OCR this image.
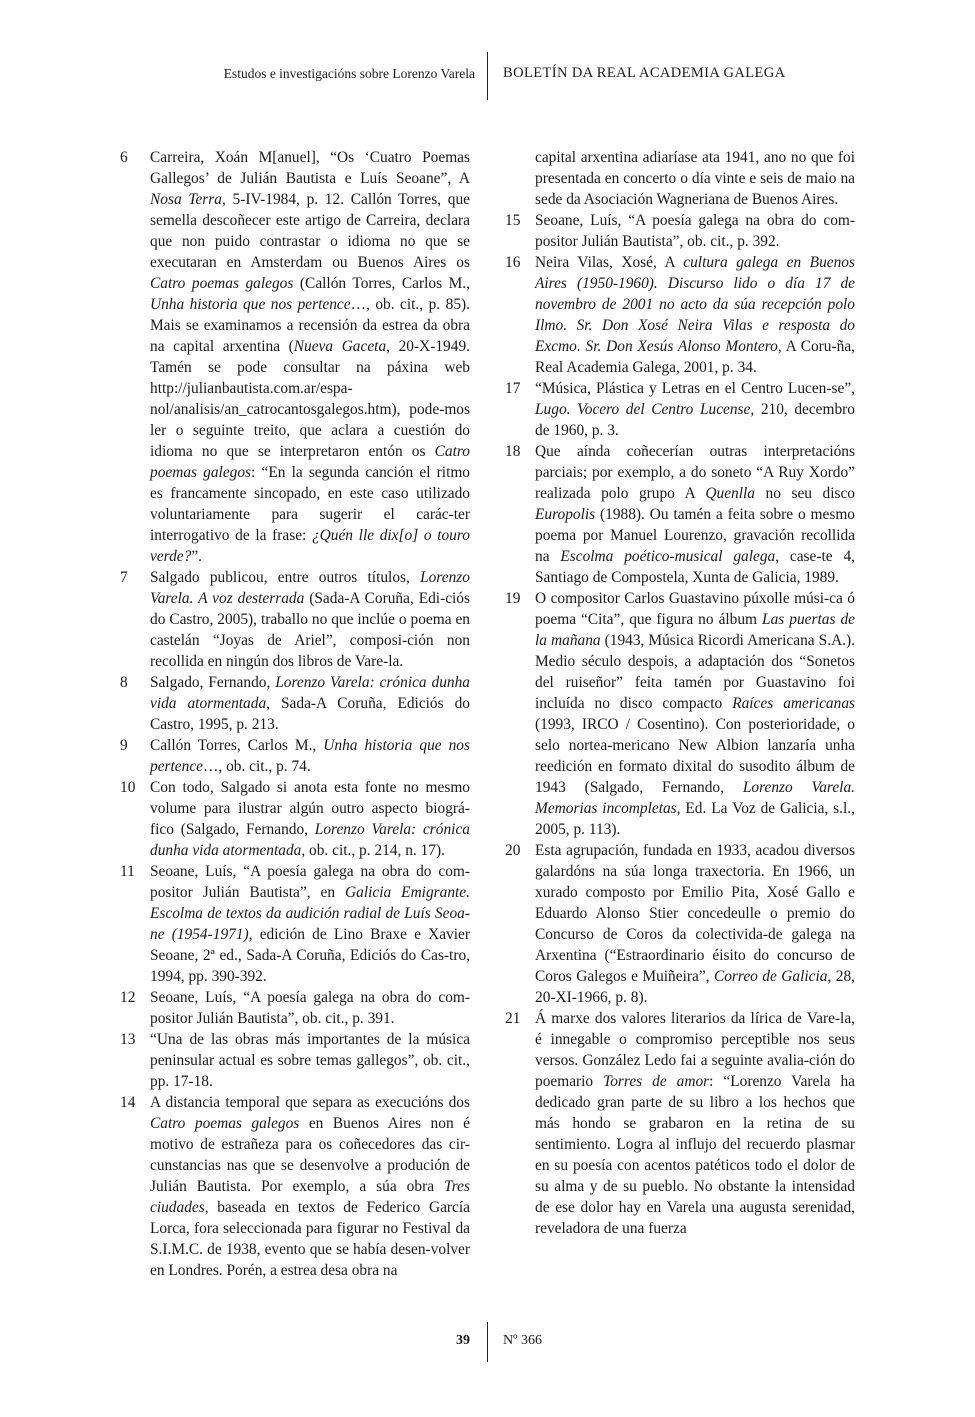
Estudos e investigacións sobre Lorenzo Varela BOLETÍN DA REAL ACADEMIA GALEGA
6 Carreira, Xoán M[anuel], “Os ‘Cuatro Poemas Gallegos’ de Julián Bautista e Luís Seoane”, A Nosa Terra, 5-IV-1984, p. 12. Callón Torres, que semella descoñecer este artigo de Carreira, declara que non puido contrastar o idioma no que se executaran en Amsterdam ou Buenos Aires os Catro poemas galegos (Callón Torres, Carlos M., Unha historia que nos pertence…, ob. cit., p. 85). Mais se examinamos a recensión da estrea da obra na capital arxentina (Nueva Gaceta, 20-X-1949. Tamén se pode consultar na páxina web http://julianbautista.com.ar/espa-nol/analisis/an_catrocantosgalegos.htm), pode-mos ler o seguinte treito, que aclara a cuestión do idioma no que se interpretaron entón os Catro poemas galegos: “En la segunda canción el ritmo es francamente sincopado, en este caso utilizado voluntariamente para sugerir el carác-ter interrogativo de la frase: ¿Quén lle dix[o] o touro verde?”.
7 Salgado publicou, entre outros títulos, Lorenzo Varela. A voz desterrada (Sada-A Coruña, Edi-ciós do Castro, 2005), traballo no que inclúe o poema en castelán “Joyas de Ariel”, composi-ción non recollida en ningún dos libros de Vare-la.
8 Salgado, Fernando, Lorenzo Varela: crónica dunha vida atormentada, Sada-A Coruña, Ediciós do Castro, 1995, p. 213.
9 Callón Torres, Carlos M., Unha historia que nos pertence…, ob. cit., p. 74.
10 Con todo, Salgado si anota esta fonte no mesmo volume para ilustrar algún outro aspecto biográ-fico (Salgado, Fernando, Lorenzo Varela: crónica dunha vida atormentada, ob. cit., p. 214, n. 17).
11 Seoane, Luís, “A poesía galega na obra do com-positor Julián Bautista”, en Galicia Emigrante. Escolma de textos da audición radial de Luís Seoa-ne (1954-1971), edición de Lino Braxe e Xavier Seoane, 2ª ed., Sada-A Coruña, Ediciós do Cas-tro, 1994, pp. 390-392.
12 Seoane, Luís, “A poesía galega na obra do com-positor Julián Bautista”, ob. cit., p. 391.
13 “Una de las obras más importantes de la música peninsular actual es sobre temas gallegos”, ob. cit., pp. 17-18.
14 A distancia temporal que separa as execucións dos Catro poemas galegos en Buenos Aires non é motivo de estrañeza para os coñecedores das cir-cunstancias nas que se desenvolve a produción de Julián Bautista. Por exemplo, a súa obra Tres ciudades, baseada en textos de Federico García Lorca, fora seleccionada para figurar no Festival da S.I.M.C. de 1938, evento que se había desen-volver en Londres. Porén, a estrea desa obra na
capital arxentina adiaríase ata 1941, ano no que foi presentada en concerto o día vinte e seis de maio na sede da Asociación Wagneriana de Buenos Aires.
15 Seoane, Luís, “A poesía galega na obra do com-positor Julián Bautista”, ob. cit., p. 392.
16 Neira Vilas, Xosé, A cultura galega en Buenos Aires (1950-1960). Discurso lido o día 17 de novembro de 2001 no acto da súa recepción polo Ilmo. Sr. Don Xosé Neira Vilas e resposta do Excmo. Sr. Don Xesús Alonso Montero, A Coru-ña, Real Academia Galega, 2001, p. 34.
17 “Música, Plástica y Letras en el Centro Lucen-se”, Lugo. Vocero del Centro Lucense, 210, decembro de 1960, p. 3.
18 Que aínda coñecerían outras interpretacións parciais; por exemplo, a do soneto “A Ruy Xordo” realizada polo grupo A Quenlla no seu disco Europolis (1988). Ou tamén a feita sobre o mesmo poema por Manuel Lourenzo, gravación recollida na Escolma poético-musical galega, case-te 4, Santiago de Compostela, Xunta de Galicia, 1989.
19 O compositor Carlos Guastavino púxolle músi-ca ó poema “Cita”, que figura no álbum Las puertas de la mañana (1943, Música Ricordi Americana S.A.). Medio século despois, a adaptación dos “Sonetos del ruiseñor” feita tamén por Guastavino foi incluída no disco compacto Raíces americanas (1993, IRCO / Cosentino). Con posterioridade, o selo nortea-mericano New Albion lanzaría unha reedición en formato dixital do susodito álbum de 1943 (Salgado, Fernando, Lorenzo Varela. Memorias incompletas, Ed. La Voz de Galicia, s.l., 2005, p. 113).
20 Esta agrupación, fundada en 1933, acadou diversos galardóns na súa longa traxectoria. En 1966, un xurado composto por Emilio Pita, Xosé Gallo e Eduardo Alonso Stier concedeulle o premio do Concurso de Coros da colectivida-de galega na Arxentina (“Estraordinario éisito do concurso de Coros Galegos e Muiñeira”, Correo de Galicia, 28, 20-XI-1966, p. 8).
21 Á marxe dos valores literarios da lírica de Vare-la, é innegable o compromiso perceptible nos seus versos. González Ledo fai a seguinte avalia-ción do poemario Torres de amor: “Lorenzo Varela ha dedicado gran parte de su libro a los hechos que más hondo se grabaron en la retina de su sentimiento. Logra al influjo del recuerdo plasmar en su poesía con acentos patéticos todo el dolor de su alma y de su pueblo. No obstante la intensidad de ese dolor hay en Varela una augusta serenidad, reveladora de una fuerza
39 Nº 366
